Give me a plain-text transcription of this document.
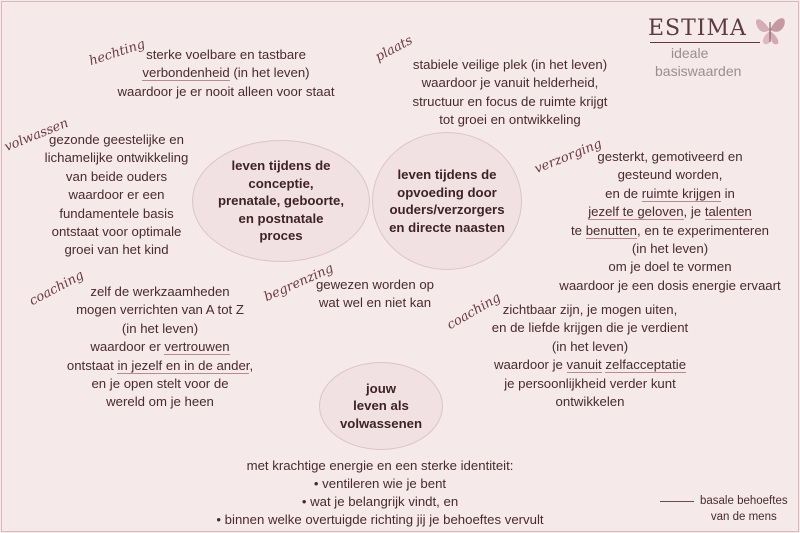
ESTIMA
ideale
basiswaarden
leven tijdens de
conceptie,
prenatale, geboorte,
en postnatale
proces
leven tijdens de
opvoeding door
ouders/verzorgers
en directe naasten
jouw
leven als
volwassenen
hechting sterke voelbare en tastbare
verbondenheid (in het leven)
waardoor je er nooit alleen voor staat
plaats
stabiele veilige plek (in het leven)
waardoor je vanuit helderheid,
structuur en focus de ruimte krijgt
tot groei en ontwikkeling
volwassen
gezonde geestelijke en
lichamelijke ontwikkeling
van beide ouders
waardoor er een
fundamentele basis
ontstaat voor optimale
groei van het kind
verzorging
gesterkt, gemotiveerd en
gesteund worden,
en de ruimte krijgen in
jezelf te geloven, je talenten
te benutten, en te experimenteren
(in het leven)
om je doel te vormen
waardoor je een dosis energie ervaart
coaching zelf de werkzaamheden
mogen verrichten van A tot Z
(in het leven)
waardoor er vertrouwen
ontstaat in jezelf en in de ander,
en je open stelt voor de
wereld om je heen
begrenzing
gewezen worden op
wat wel en niet kan	coaching zichtbaar zijn, je mogen uiten,
en de liefde krijgen die je verdient
(in het leven)
waardoor je vanuit zelfacceptatie
je persoonlijkheid verder kunt
ontwikkelen
met krachtige energie en een sterke identiteit:
• ventileren wie je bent
• wat je belangrijk vindt, en
• binnen welke overtuigde richting jij je behoeftes vervult
basale behoeftes
van de mens
